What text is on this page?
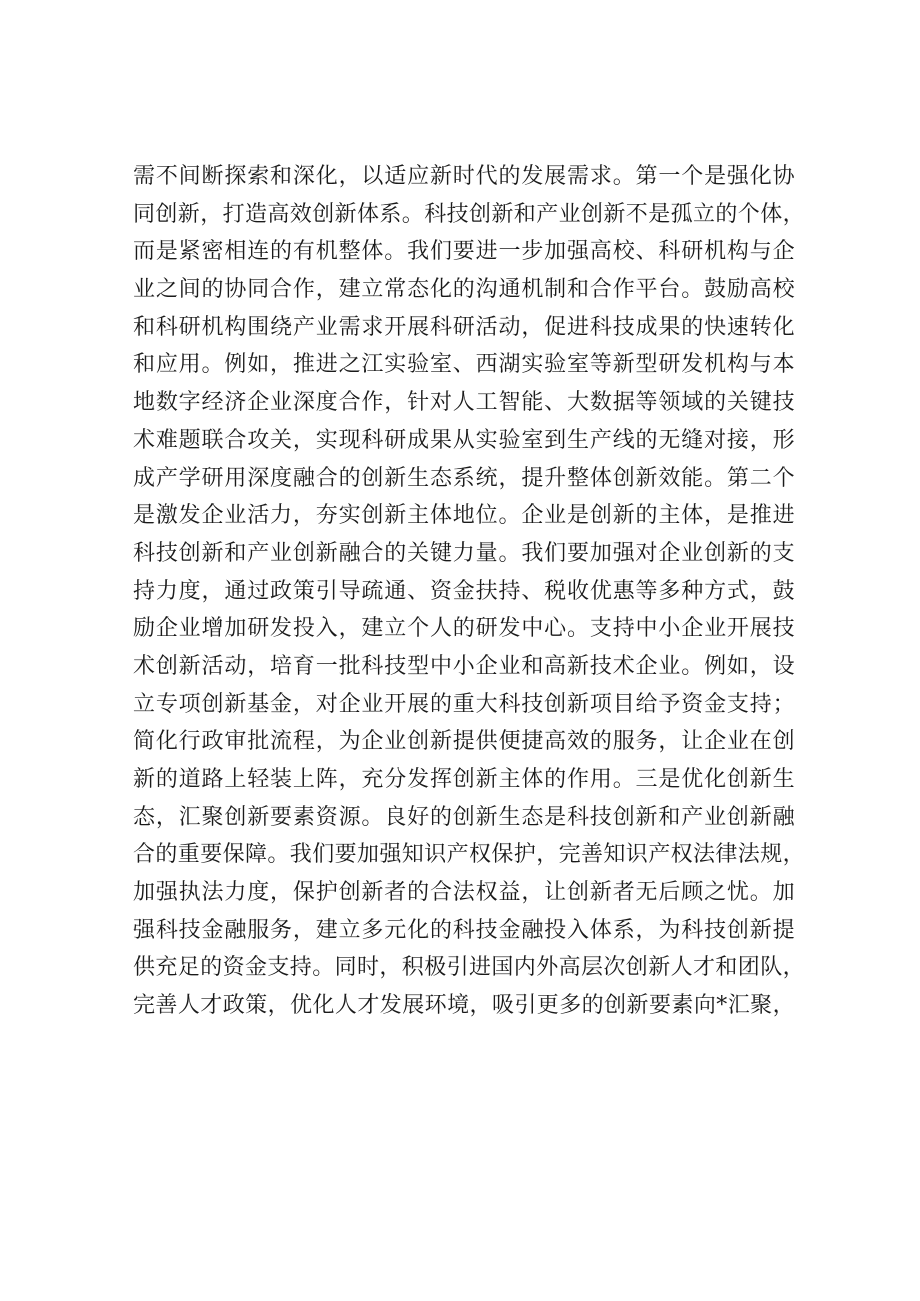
需不间断探索和深化，以适应新时代的发展需求。第一个是强化协
同创新，打造高效创新体系。科技创新和产业创新不是孤立的个体，
而是紧密相连的有机整体。我们要进一步加强高校、科研机构与企
业之间的协同合作，建立常态化的沟通机制和合作平台。鼓励高校
和科研机构围绕产业需求开展科研活动，促进科技成果的快速转化
和应用。例如，推进之江实验室、西湖实验室等新型研发机构与本
地数字经济企业深度合作，针对人工智能、大数据等领域的关键技
术难题联合攻关，实现科研成果从实验室到生产线的无缝对接，形
成产学研用深度融合的创新生态系统，提升整体创新效能。第二个
是激发企业活力，夯实创新主体地位。企业是创新的主体，是推进
科技创新和产业创新融合的关键力量。我们要加强对企业创新的支
持力度，通过政策引导疏通、资金扶持、税收优惠等多种方式，鼓
励企业增加研发投入，建立个人的研发中心。支持中小企业开展技
术创新活动，培育一批科技型中小企业和高新技术企业。例如，设
立专项创新基金，对企业开展的重大科技创新项目给予资金支持；
简化行政审批流程，为企业创新提供便捷高效的服务，让企业在创
新的道路上轻装上阵，充分发挥创新主体的作用。三是优化创新生
态，汇聚创新要素资源。良好的创新生态是科技创新和产业创新融
合的重要保障。我们要加强知识产权保护，完善知识产权法律法规，
加强执法力度，保护创新者的合法权益，让创新者无后顾之忧。加
强科技金融服务，建立多元化的科技金融投入体系，为科技创新提
供充足的资金支持。同时，积极引进国内外高层次创新人才和团队，
完善人才政策，优化人才发展环境，吸引更多的创新要素向*汇聚，
